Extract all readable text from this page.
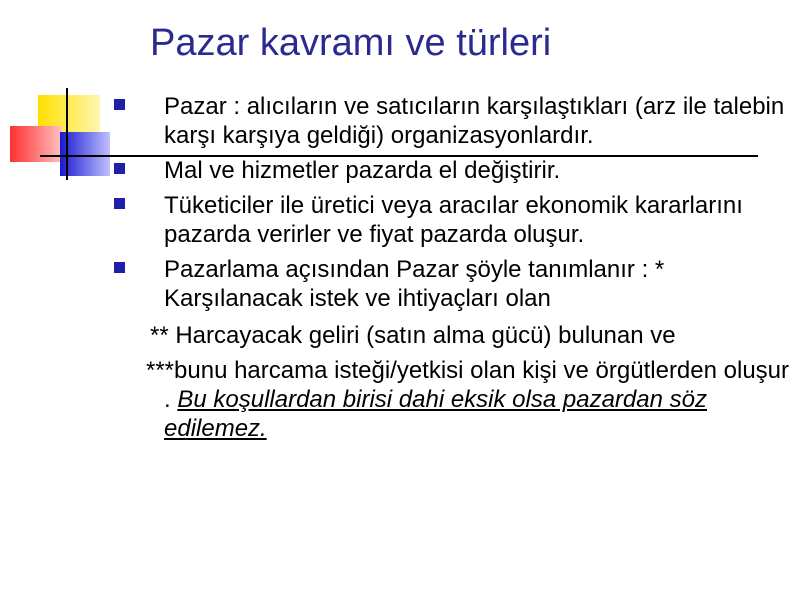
Pazar kavramı ve türleri
Pazar : alıcıların ve satıcıların karşılaştıkları (arz ile talebin karşı karşıya geldiği) organizasyonlardır.
Mal ve hizmetler pazarda el değiştirir.
Tüketiciler ile üretici veya aracılar ekonomik kararlarını pazarda verirler ve fiyat pazarda oluşur.
Pazarlama açısından Pazar şöyle tanımlanır : * Karşılanacak istek ve ihtiyaçları olan
** Harcayacak geliri (satın alma gücü) bulunan ve
***bunu harcama isteği/yetkisi olan kişi ve örgütlerden oluşur . Bu koşullardan birisi dahi eksik olsa pazardan söz edilemez.
